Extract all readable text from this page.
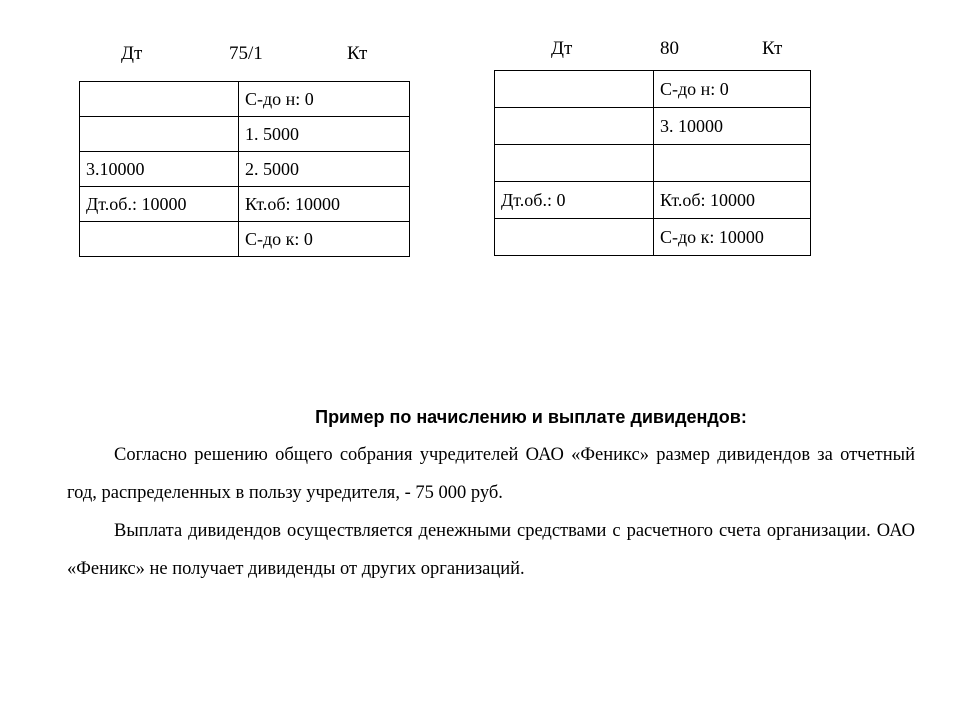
Дт	75/1	Кт
	С-до н: 0
	1. 5000
3.10000	2. 5000
Дт.об.: 10000	Кт.об: 10000
	С-до к: 0
Дт	80	Кт
	С-до н: 0
	3. 10000

Дт.об.: 0	Кт.об: 10000
	С-до к: 10000
Пример по начислению и выплате дивидендов:

Согласно решению общего собрания учредителей ОАО «Феникс» размер дивидендов за отчетный год, распределенных в пользу учредителя, - 75 000 руб.

Выплата дивидендов осуществляется денежными средствами с расчетного счета организации. ОАО «Феникс» не получает дивиденды от других организаций.
